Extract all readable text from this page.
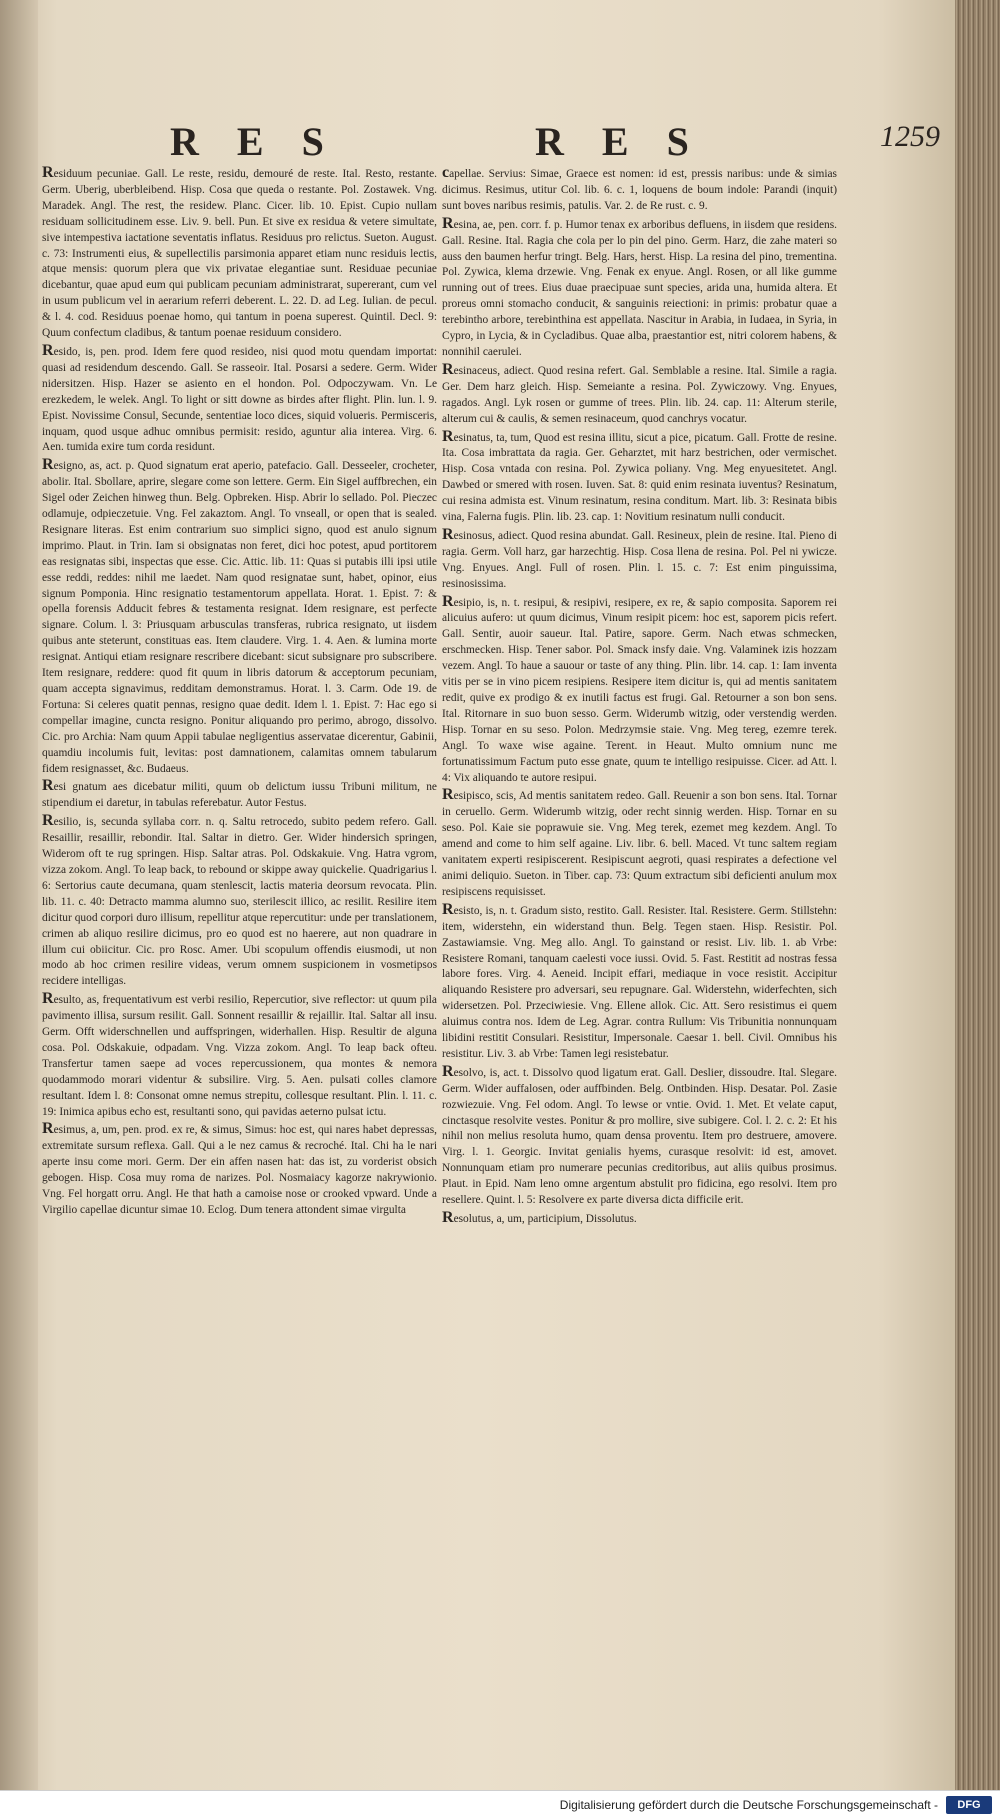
R E S	R E S	1259

Residuum pecuniae. Gall. Le reste, residu, demouré de reste. Ital. Resto, restante. Germ. Uberig, uberbleibend. Hisp. Cosa que queda o restante. Pol. Zostawek. Vng. Maradek. Angl. The rest, the residew. Planc. Cicer. lib. 10. Epist. Cupio nullam residuam sollicitudinem esse. Liv. 9. bell. Pun. Et sive ex residua & vetere simultate, sive intempestiva iactatione seventatis inflatus. Residuus pro relictus. Sueton. August. c. 73: Instrumenti eius, & supellectilis parsimonia apparet etiam nunc residuis lectis, atque mensis: quorum plera que vix privatae elegantiae sunt. Residuae pecuniae dicebantur, quae apud eum qui publicam pecuniam administrarat, supererant, cum vel in usum publicum vel in aerarium referri deberent. L. 22. D. ad Leg. Iulian. de pecul. & l. 4. cod. Residuus poenae homo, qui tantum in poena superest. Quintil. Decl. 9: Quum confectum cladibus, & tantum poenae residuum considero.

Resido, is, pen. prod. Idem fere quod resideo, nisi quod motu quendam importat: quasi ad residendum descendo. Gall. Se rasseoir. Ital. Posarsi a sedere. Germ. Wider nidersitzen. Hisp. Hazer se asiento en el hondon. Pol. Odpoczywam. Vn. Le erezkedem, le welek. Angl. To light or sitt downe as birdes after flight. Plin. lun. l. 9. Epist. Novissime Consul, Secunde, sententiae loco dices, siquid volueris. Permisceris, inquam, quod usque adhuc omnibus permisit: resido, aguntur alia interea. Virg. 6. Aen. tumida exire tum corda residunt.

Resigno, as, act. p. Quod signatum erat aperio, patefacio. Gall. Desseeler, crocheter, abolir. Ital. Sbollare, aprire, slegare come son lettere. Germ. Ein Sigel auffbrechen, ein Sigel oder Zeichen hinweg thun. Belg. Opbreken. Hisp. Abrir lo sellado. Pol. Pieczec odlamuje, odpieczetuie. Vng. Fel zakaztom. Angl. To vnseall, or open that is sealed. Resignare literas. Est enim contrarium suo simplici signo, quod est anulo signum imprimo. Plaut. in Trin. Iam si obsignatas non feret, dici hoc potest, apud portitorem eas resignatas sibi, inspectas que esse. Cic. Attic. lib. 11: Quas si putabis illi ipsi utile esse reddi, reddes: nihil me laedet. Nam quod resignatae sunt, habet, opinor, eius signum Pomponia. Hinc resignatio testamentorum appellata. Horat. 1. Epist. 7: & opella forensis Adducit febres & testamenta resignat. Idem resignare, est perfecte signare. Colum. l. 3: Priusquam arbusculas transferas, rubrica resignato, ut iisdem quibus ante steterunt, constituas eas. Item claudere. Virg. 1. 4. Aen. & lumina morte resignat. Antiqui etiam resignare rescribere dicebant: sicut subsignare pro subscribere. Item resignare, reddere: quod fit quum in libris datorum & acceptorum pecuniam, quam accepta signavimus, redditam demonstramus. Horat. l. 3. Carm. Ode 19. de Fortuna: Si celeres quatit pennas, resigno quae dedit. Idem l. 1. Epist. 7: Hac ego si compellar imagine, cuncta resigno. Ponitur aliquando pro perimo, abrogo, dissolvo. Cic. pro Archia: Nam quum Appii tabulae negligentius asservatae dicerentur, Gabinii, quamdiu incolumis fuit, levitas: post damnationem, calamitas omnem tabularum fidem resignasset, &c. Budaeus.

Resi gnatum aes dicebatur militi, quum ob delictum iussu Tribuni militum, ne stipendium ei daretur, in tabulas referebatur. Autor Festus.

Resilio, is, secunda syllaba corr. n. q. Saltu retrocedo, subito pedem refero. Gall. Resaillir, resaillir, rebondir. Ital. Saltar in dietro. Ger. Wider hindersich springen, Widerom oft te rug springen. Hisp. Saltar atras. Pol. Odskakuie. Vng. Hatra vgrom, vizza zokom. Angl. To leap back, to rebound or skippe away quickelie. Quadrigarius l. 6: Sertorius caute decumana, quam stenlescit, lactis materia deorsum revocata. Plin. lib. 11. c. 40: Detracto mamma alumno suo, sterilescit illico, ac resilit. Resilire item dicitur quod corpori duro illisum, repellitur atque repercutitur: unde per translationem, crimen ab aliquo resilire dicimus, pro eo quod est no haerere, aut non quadrare in illum cui obiicitur. Cic. pro Rosc. Amer. Ubi scopulum offendis eiusmodi, ut non modo ab hoc crimen resilire videas, verum omnem suspicionem in vosmetipsos recidere intelligas.

Resulto, as, frequentativum est verbi resilio, Repercutior, sive reflector: ut quum pila pavimento illisa, sursum resilit. Gall. Sonnent resaillir & rejaillir. Ital. Saltar all insu. Germ. Offt widerschnellen und auffspringen, widerhallen. Hisp. Resultir de alguna cosa. Pol. Odskakuie, odpadam. Vng. Vizza zokom. Angl. To leap back ofteu. Transfertur tamen saepe ad voces repercussionem, qua montes & nemora quodammodo morari videntur & subsilire. Virg. 5. Aen. pulsati colles clamore resultant. Idem l. 8: Consonat omne nemus strepitu, collesque resultant. Plin. l. 11. c. 19: Inimica apibus echo est, resultanti sono, qui pavidas aeterno pulsat ictu.

Resimus, a, um, pen. prod. ex re, & simus, Simus: hoc est, qui nares habet depressas, extremitate sursum reflexa. Gall. Qui a le nez camus & recroché. Ital. Chi ha le nari aperte insu come mori. Germ. Der ein affen nasen hat: das ist, zu vorderist obsich gebogen. Hisp. Cosa muy roma de narizes. Pol. Nosmaiacy kagorze nakrywionio. Vng. Fel horgatt orru. Angl. He that hath a camoise nose or crooked vpward. Unde a Virgilio capellae dicuntur simae 10. Eclog. Dum tenera attondent simae virgulta

capellae. Servius: Simae, Graece est nomen: id est, pressis naribus: unde & simias dicimus. Resimus, utitur Col. lib. 6. c. 1, loquens de boum indole: Parandi (inquit) sunt boves naribus resimis, patulis. Var. 2. de Re rust. c. 9.

Resina, ae, pen. corr. f. p. Humor tenax ex arboribus defluens, in iisdem que residens. Gall. Resine. Ital. Ragia che cola per lo pin del pino. Germ. Harz, die zahe materi so auss den baumen herfur tringt. Belg. Hars, herst. Hisp. La resina del pino, trementina. Pol. Zywica, klema drzewie. Vng. Fenak ex enyue. Angl. Rosen, or all like gumme running out of trees. Eius duae praecipuae sunt species, arida una, humida altera. Et proreus omni stomacho conducit, & sanguinis reiectioni: in primis: probatur quae a terebintho arbore, terebinthina est appellata. Nascitur in Arabia, in Iudaea, in Syria, in Cypro, in Lycia, & in Cycladibus. Quae alba, praestantior est, nitri colorem habens, & nonnihil caerulei.

Resinaceus, adiect. Quod resina refert. Gal. Semblable a resine. Ital. Simile a ragia. Ger. Dem harz gleich. Hisp. Semeiante a resina. Pol. Zywiczowy. Vng. Enyues, ragados. Angl. Lyk rosen or gumme of trees. Plin. lib. 24. cap. 11: Alterum sterile, alterum cui & caulis, & semen resinaceum, quod canchrys vocatur.

Resinatus, ta, tum, Quod est resina illitu, sicut a pice, picatum. Gall. Frotte de resine. Ita. Cosa imbrattata da ragia. Ger. Geharztet, mit harz bestrichen, oder vermischet. Hisp. Cosa vntada con resina. Pol. Zywica poliany. Vng. Meg enyuesitetet. Angl. Dawbed or smered with rosen. Iuven. Sat. 8: quid enim resinata iuventus? Resinatum, cui resina admista est. Vinum resinatum, resina conditum. Mart. lib. 3: Resinata bibis vina, Falerna fugis. Plin. lib. 23. cap. 1: Novitium resinatum nulli conducit.

Resinosus, adiect. Quod resina abundat. Gall. Resineux, plein de resine. Ital. Pieno di ragia. Germ. Voll harz, gar harzechtig. Hisp. Cosa llena de resina. Pol. Pel ni ywicze. Vng. Enyues. Angl. Full of rosen. Plin. l. 15. c. 7: Est enim pinguissima, resinosissima.

Resipio, is, n. t. resipui, & resipivi, resipere, ex re, & sapio composita. Saporem rei alicuius aufero: ut quum dicimus, Vinum resipit picem: hoc est, saporem picis refert. Gall. Sentir, auoir saueur. Ital. Patire, sapore. Germ. Nach etwas schmecken, erschmecken. Hisp. Tener sabor. Pol. Smack insfy daie. Vng. Valaminek izis hozzam vezem. Angl. To haue a sauour or taste of any thing. Plin. libr. 14. cap. 1: Iam inventa vitis per se in vino picem resipiens. Resipere item dicitur is, qui ad mentis sanitatem redit, quive ex prodigo & ex inutili factus est frugi. Gal. Retourner a son bon sens. Ital. Ritornare in suo buon sesso. Germ. Widerumb witzig, oder verstendig werden. Hisp. Tornar en su seso. Polon. Medrzymsie staie. Vng. Meg tereg, ezemre terek. Angl. To waxe wise againe. Terent. in Heaut. Multo omnium nunc me fortunatissimum Factum puto esse gnate, quum te intelligo resipuisse. Cicer. ad Att. l. 4: Vix aliquando te autore resipui.

Resipisco, scis, Ad mentis sanitatem redeo. Gall. Reuenir a son bon sens. Ital. Tornar in ceruello. Germ. Widerumb witzig, oder recht sinnig werden. Hisp. Tornar en su seso. Pol. Kaie sie poprawuie sie. Vng. Meg terek, ezemet meg kezdem. Angl. To amend and come to him self againe. Liv. libr. 6. bell. Maced. Vt tunc saltem regiam vanitatem experti resipiscerent. Resipiscunt aegroti, quasi respirates a defectione vel animi deliquio. Sueton. in Tiber. cap. 73: Quum extractum sibi deficienti anulum mox resipiscens requisisset.

Resisto, is, n. t. Gradum sisto, restito. Gall. Resister. Ital. Resistere. Germ. Stillstehn: item, widerstehn, ein widerstand thun. Belg. Tegen staen. Hisp. Resistir. Pol. Zastawiamsie. Vng. Meg allo. Angl. To gainstand or resist. Liv. lib. 1. ab Vrbe: Resistere Romani, tanquam caelesti voce iussi. Ovid. 5. Fast. Restitit ad nostras fessa labore fores. Virg. 4. Aeneid. Incipit effari, mediaque in voce resistit. Accipitur aliquando Resistere pro adversari, seu repugnare. Gal. Widerstehn, widerfechten, sich widersetzen. Pol. Przeciwiesie. Vng. Ellene allok. Cic. Att. Sero resistimus ei quem aluimus contra nos. Idem de Leg. Agrar. contra Rullum: Vis Tribunitia nonnunquam libidini restitit Consulari. Resistitur, Impersonale. Caesar 1. bell. Civil. Omnibus his resistitur. Liv. 3. ab Vrbe: Tamen legi resistebatur.

Resolvo, is, act. t. Dissolvo quod ligatum erat. Gall. Deslier, dissoudre. Ital. Slegare. Germ. Wider auffalosen, oder auffbinden. Belg. Ontbinden. Hisp. Desatar. Pol. Zasie rozwiezuie. Vng. Fel odom. Angl. To lewse or vntie. Ovid. 1. Met. Et velate caput, cinctasque resolvite vestes. Ponitur & pro mollire, sive subigere. Col. l. 2. c. 2: Et his nihil non melius resoluta humo, quam densa proventu. Item pro destruere, amovere. Virg. l. 1. Georgic. Invitat genialis hyems, curasque resolvit: id est, amovet. Nonnunquam etiam pro numerare pecunias creditoribus, aut aliis quibus prosimus. Plaut. in Epid. Nam leno omne argentum abstulit pro fidicina, ego resolvi. Item pro resellere. Quint. l. 5: Resolvere ex parte diversa dicta difficile erit.

Resolutus, a, um, participium, Dissolutus.

Digitalisierung gefördert durch die Deutsche Forschungsgemeinschaft -	DFG
